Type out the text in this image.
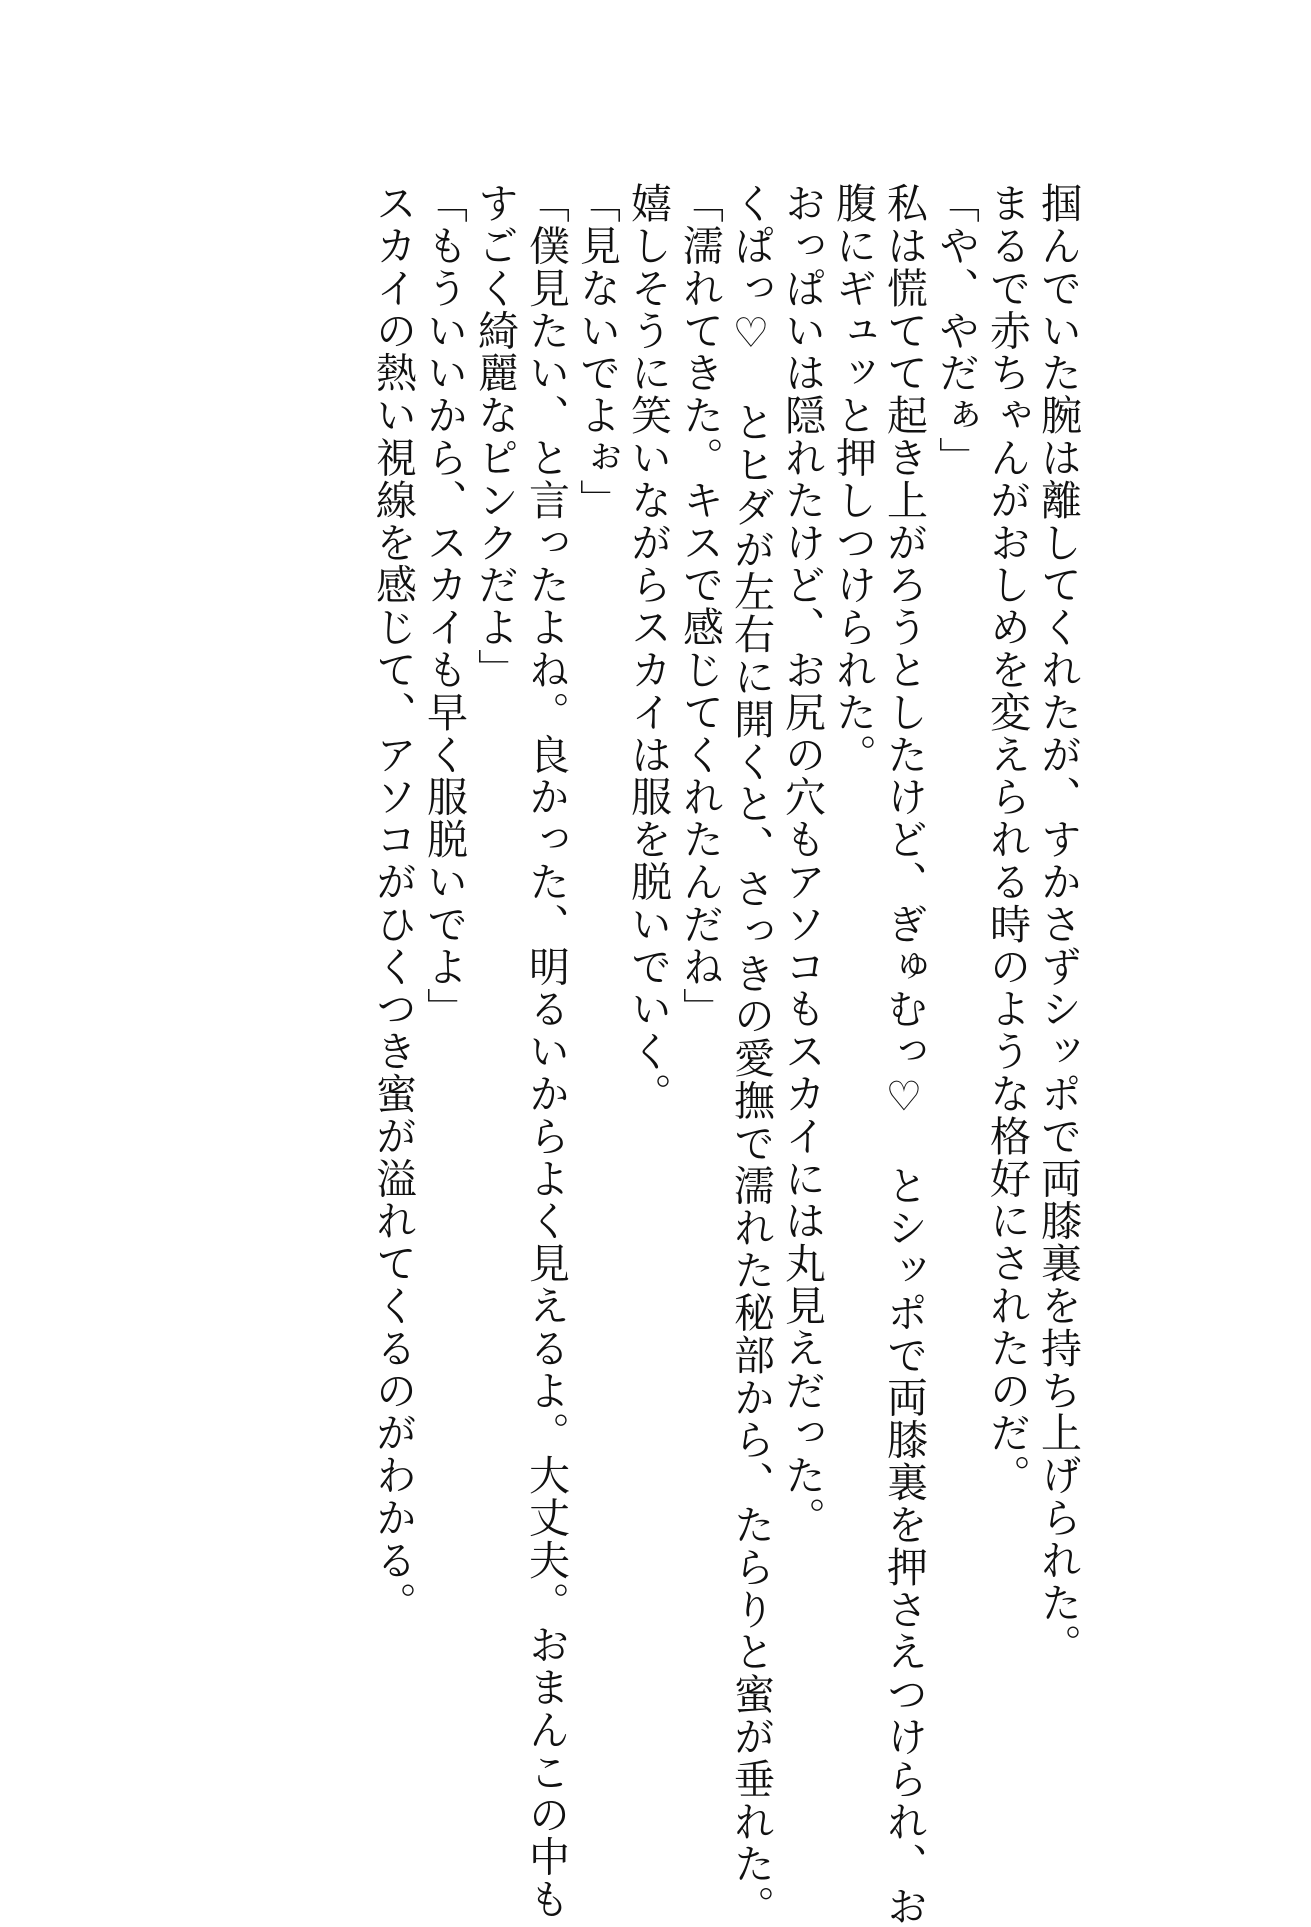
掴んでいた腕は離してくれたが、すかさずシッポで両膝裏を持ち上げられた。
まるで赤ちゃんがおしめを変えられる時のような格好にされたのだ。
「や、やだぁ」
私は慌てて起き上がろうとしたけど、ぎゅむっ♡　とシッポで両膝裏を押さえつけられ、お
腹にギュッと押しつけられた。
おっぱいは隠れたけど、お尻の穴もアソコもスカイには丸見えだった。
くぱっ♡　とヒダが左右に開くと、さっきの愛撫で濡れた秘部から、たらりと蜜が垂れた。
「濡れてきた。キスで感じてくれたんだね」
嬉しそうに笑いながらスカイは服を脱いでいく。
「見ないでよぉ」
「僕見たい、と言ったよね。良かった、明るいからよく見えるよ。大丈夫。おまんこの中も
すごく綺麗なピンクだよ」
「もういいから、スカイも早く服脱いでよ」
スカイの熱い視線を感じて、アソコがひくつき蜜が溢れてくるのがわかる。
